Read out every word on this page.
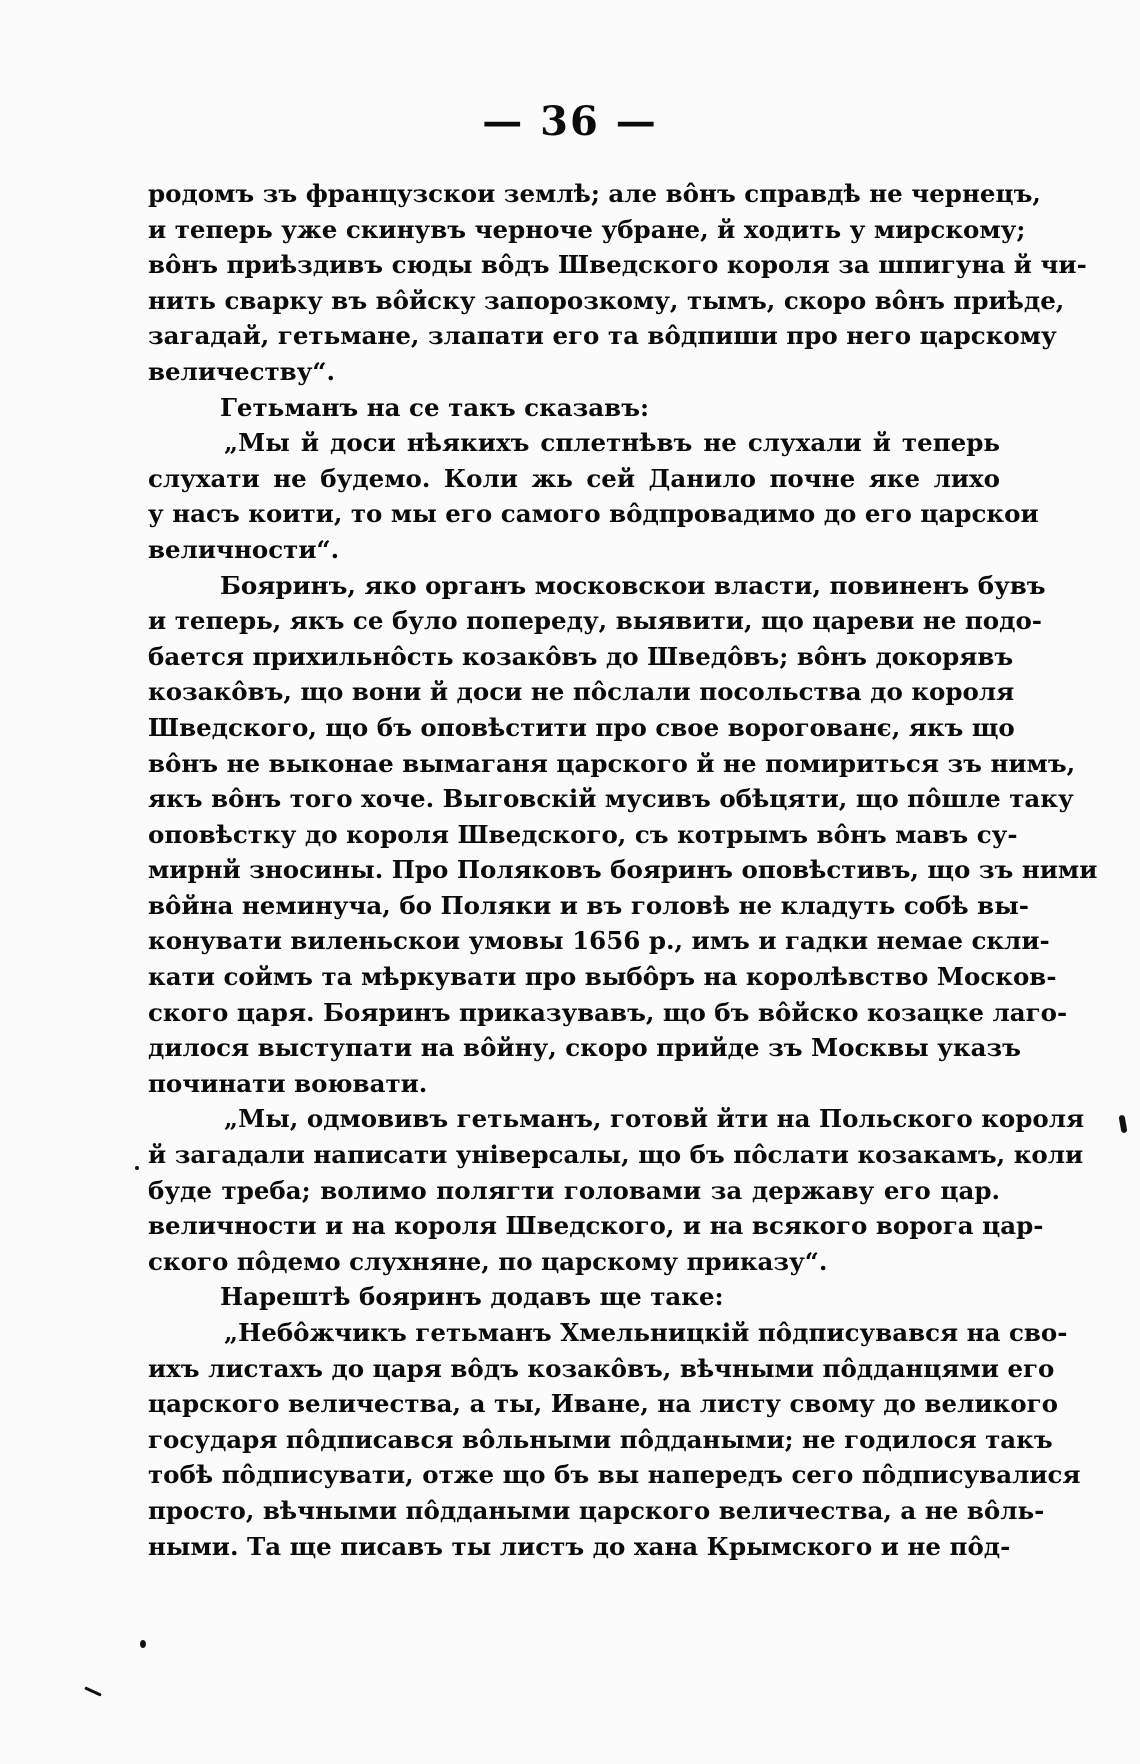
— 36 —
родомъ зъ французскои землѣ; але вôнъ справдѣ не чернецъ,
и теперь уже скинувъ черноче убране, й ходить у мирскому;
вôнъ приѣздивъ сюды вôдъ Шведского короля за шпигуна й чи-
нить сварку въ вôйску запорозкому, тымъ, скоро вôнъ приѣде,
загадай, гетьмане, злапати его та вôдпиши про него царскому
величеству“.
Гетьманъ на се такъ сказавъ:
„Мы й доси нѣякихъ сплетнѣвъ не слухали й теперь
слухати не будемо. Коли жь сей Данило почне яке лихо
у насъ коити, то мы его самого вôдпровадимо до его царскои
величности“.
Бояринъ, яко органъ московскои власти, повиненъ бувъ
и теперь, якъ се було попереду, выявити, що цареви не подо-
бается прихильнôсть козакôвъ до Шведôвъ; вôнъ докорявъ
козакôвъ, що вони й доси не пôслали посольства до короля
Шведского, що бъ оповѣстити про свое ворогованє, якъ що
вôнъ не выконае вымаганя царского й не помириться зъ нимъ,
якъ вôнъ того хоче. Выговскій мусивъ обѣцяти, що пôшле таку
оповѣстку до короля Шведского, съ котрымъ вôнъ мавъ су-
мирнй зносины. Про Поляковъ бояринъ оповѣстивъ, що зъ ними
вôйна неминуча, бо Поляки и въ головѣ не кладуть собѣ вы-
конувати виленьскои умовы 1656 р., имъ и гадки немае скли-
кати соймъ та мѣркувати про выбôръ на королѣвство Москов-
ского царя. Бояринъ приказувавъ, що бъ вôйско козацке лаго-
дилося выступати на вôйну, скоро прийде зъ Москвы указъ
починати воювати.
„Мы, одмовивъ гетьманъ, готовй йти на Польского короля
й загадали написати унiверсалы, що бъ пôслати козакамъ, коли
буде треба; волимо полягти головами за державу его цар.
величности и на короля Шведского, и на всякого ворога цар-
ского пôдемо слухняне, по царскому приказу“.
Нарештѣ бояринъ додавъ ще таке:
„Небôжчикъ гетьманъ Хмельницкій пôдписувався на сво-
ихъ листахъ до царя вôдъ козакôвъ, вѣчными пôдданцями его
царского величества, а ты, Иване, на листу свому до великого
государя пôдписався вôльными пôддаными; не годилося такъ
тобѣ пôдписувати, отже що бъ вы напередъ сего пôдписувалися
просто, вѣчными пôддаными царского величества, а не вôль-
ными. Та ще писавъ ты листъ до хана Крымского и не пôд-
